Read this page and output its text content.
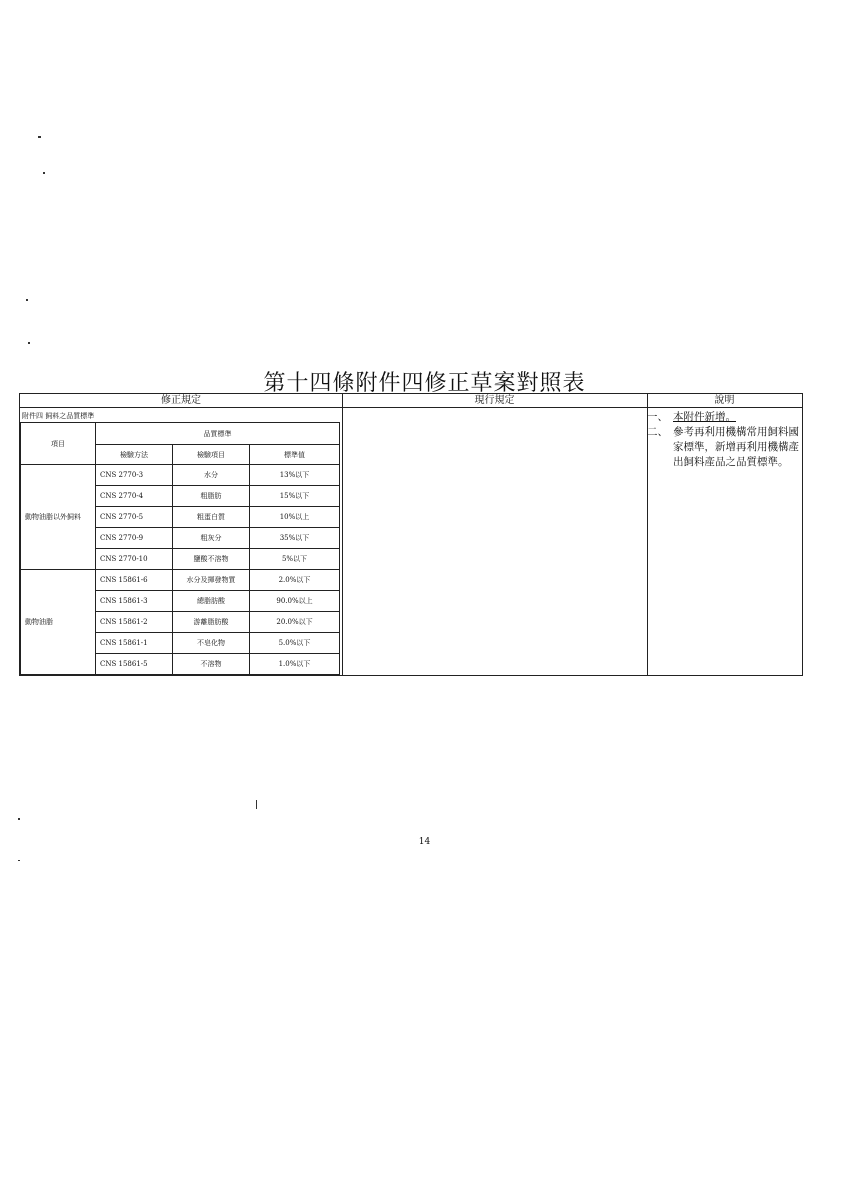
第十四條附件四修正草案對照表
修正規定	現行規定	說明
附件四 飼料之品質標準
項目	品質標準		
	檢驗方法	檢驗項目	標準值
動物油脂以外飼料	CNS 2770-3	水分	13%以下
	CNS 2770-4	粗脂肪	15%以下
	CNS 2770-5	粗蛋白質	10%以上
	CNS 2770-9	粗灰分	35%以下
	CNS 2770-10	鹽酸不溶物	5%以下
動物油脂	CNS 15861-6	水分及揮發物質	2.0%以下
	CNS 15861-3	總脂肪酸	90.0%以上
	CNS 15861-2	游離脂肪酸	20.0%以下
	CNS 15861-1	不皂化物	5.0%以下
	CNS 15861-5	不溶物	1.0%以下
一、 本附件新增。
二、 參考再利用機構常用飼料國家標準，新增再利用機構產出飼料產品之品質標準。
14
